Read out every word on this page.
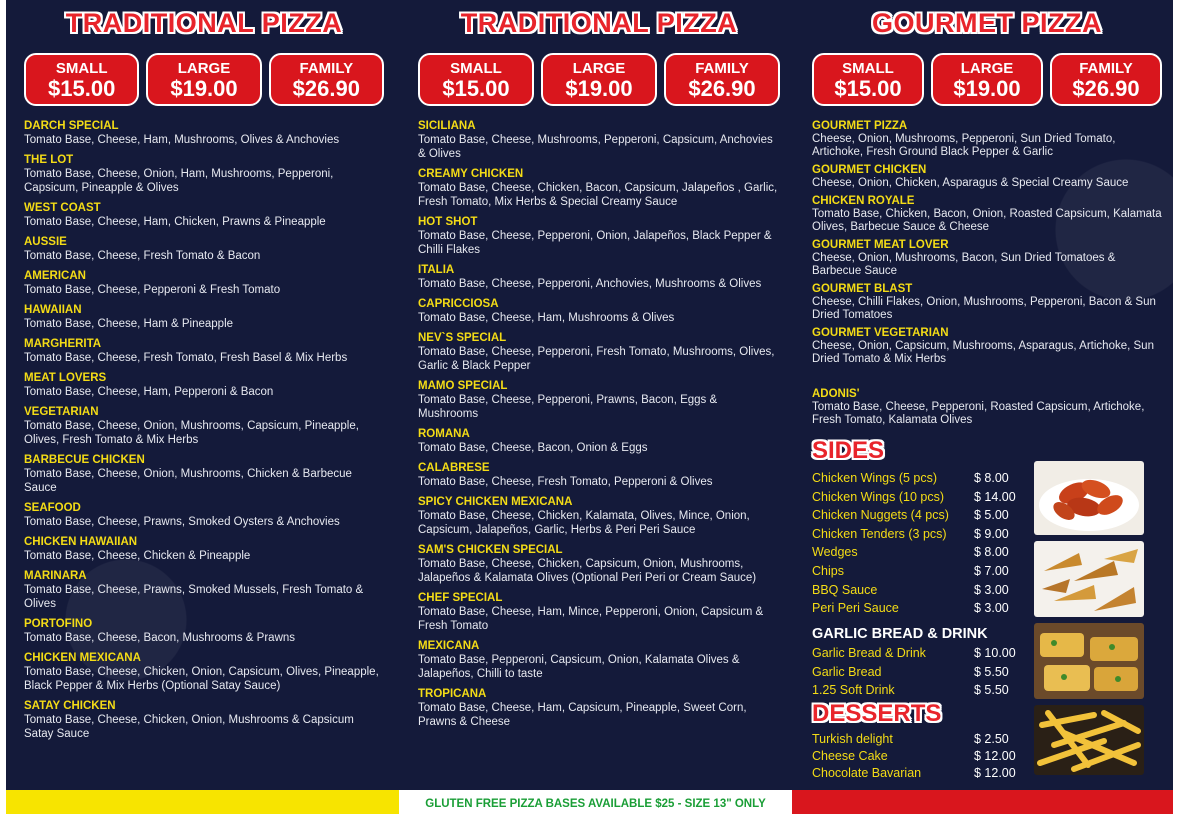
TRADITIONAL PIZZA
SMALL
$15.00
LARGE
$19.00
FAMILY
$26.90
DARCH SPECIAL
Tomato Base, Cheese, Ham, Mushrooms, Olives & Anchovies
THE LOT
Tomato Base, Cheese, Onion, Ham, Mushrooms, Pepperoni, Capsicum, Pineapple & Olives
WEST COAST
Tomato Base, Cheese, Ham, Chicken, Prawns & Pineapple
AUSSIE
Tomato Base, Cheese, Fresh Tomato & Bacon
AMERICAN
Tomato Base, Cheese, Pepperoni & Fresh Tomato
HAWAIIAN
Tomato Base, Cheese, Ham & Pineapple
MARGHERITA
Tomato Base, Cheese, Fresh Tomato, Fresh Basel & Mix Herbs
MEAT LOVERS
Tomato Base, Cheese, Ham, Pepperoni & Bacon
VEGETARIAN
Tomato Base, Cheese, Onion, Mushrooms, Capsicum, Pineapple, Olives, Fresh Tomato & Mix Herbs
BARBECUE CHICKEN
Tomato Base, Cheese, Onion, Mushrooms, Chicken & Barbecue Sauce
SEAFOOD
Tomato Base, Cheese, Prawns, Smoked Oysters & Anchovies
CHICKEN HAWAIIAN
Tomato Base, Cheese, Chicken & Pineapple
MARINARA
Tomato Base, Cheese, Prawns, Smoked Mussels, Fresh Tomato & Olives
PORTOFINO
Tomato Base, Cheese, Bacon, Mushrooms & Prawns
CHICKEN MEXICANA
Tomato Base, Cheese, Chicken, Onion, Capsicum, Olives, Pineapple, Black Pepper & Mix Herbs (Optional Satay Sauce)
SATAY CHICKEN
Tomato Base, Cheese, Chicken, Onion, Mushrooms & Capsicum Satay Sauce
TRADITIONAL PIZZA
SMALL
$15.00
LARGE
$19.00
FAMILY
$26.90
SICILIANA
Tomato Base, Cheese, Mushrooms, Pepperoni, Capsicum, Anchovies & Olives
CREAMY CHICKEN
Tomato Base, Cheese, Chicken, Bacon, Capsicum, Jalapeños , Garlic, Fresh Tomato, Mix Herbs & Special Creamy Sauce
HOT SHOT
Tomato Base, Cheese, Pepperoni, Onion, Jalapeños, Black Pepper & Chilli Flakes
ITALIA
Tomato Base, Cheese, Pepperoni, Anchovies, Mushrooms & Olives
CAPRICCIOSA
Tomato Base, Cheese, Ham, Mushrooms & Olives
NEV`S SPECIAL
Tomato Base, Cheese, Pepperoni, Fresh Tomato, Mushrooms, Olives, Garlic & Black Pepper
MAMO SPECIAL
Tomato Base, Cheese, Pepperoni, Prawns, Bacon, Eggs & Mushrooms
ROMANA
Tomato Base, Cheese, Bacon, Onion & Eggs
CALABRESE
Tomato Base, Cheese, Fresh Tomato, Pepperoni & Olives
SPICY CHICKEN MEXICANA
Tomato Base, Cheese, Chicken, Kalamata, Olives, Mince, Onion, Capsicum, Jalapeños, Garlic, Herbs & Peri Peri Sauce
SAM'S CHICKEN SPECIAL
Tomato Base, Cheese, Chicken, Capsicum, Onion, Mushrooms, Jalapeños & Kalamata Olives (Optional Peri Peri or Cream Sauce)
CHEF SPECIAL
Tomato Base, Cheese, Ham, Mince, Pepperoni, Onion, Capsicum & Fresh Tomato
MEXICANA
Tomato Base, Pepperoni, Capsicum, Onion, Kalamata Olives & Jalapeños, Chilli to taste
TROPICANA
Tomato Base, Cheese, Ham, Capsicum, Pineapple, Sweet Corn, Prawns & Cheese
GOURMET PIZZA
SMALL
$15.00
LARGE
$19.00
FAMILY
$26.90
GOURMET PIZZA
Cheese, Onion, Mushrooms, Pepperoni, Sun Dried Tomato, Artichoke, Fresh Ground Black Pepper & Garlic
GOURMET CHICKEN
Cheese, Onion, Chicken, Asparagus & Special Creamy Sauce
CHICKEN ROYALE
Tomato Base, Chicken, Bacon, Onion, Roasted Capsicum, Kalamata Olives, Barbecue Sauce & Cheese
GOURMET MEAT LOVER
Cheese, Onion, Mushrooms, Bacon, Sun Dried Tomatoes & Barbecue Sauce
GOURMET BLAST
Cheese, Chilli Flakes, Onion, Mushrooms, Pepperoni, Bacon & Sun Dried Tomatoes
GOURMET VEGETARIAN
Cheese, Onion, Capsicum, Mushrooms, Asparagus, Artichoke, Sun Dried Tomato & Mix Herbs
ADONIS'
Tomato Base, Cheese, Pepperoni, Roasted Capsicum, Artichoke, Fresh Tomato, Kalamata Olives
SIDES
Chicken Wings (5 pcs)	$ 8.00
Chicken Wings (10 pcs) $ 14.00
Chicken Nuggets (4 pcs) $ 5.00
Chicken Tenders (3 pcs) $ 9.00
Wedges	$ 8.00
Chips	$ 7.00
BBQ Sauce	$ 3.00
Peri Peri Sauce	$ 3.00
GARLIC BREAD & DRINK
Garlic Bread & Drink	$ 10.00
Garlic Bread	$ 5.50
1.25 Soft Drink	$ 5.50
DESSERTS
Turkish delight	$ 2.50
Cheese Cake	$ 12.00
Chocolate Bavarian	$ 12.00
GLUTEN FREE PIZZA BASES AVAILABLE $25 - SIZE 13" ONLY
